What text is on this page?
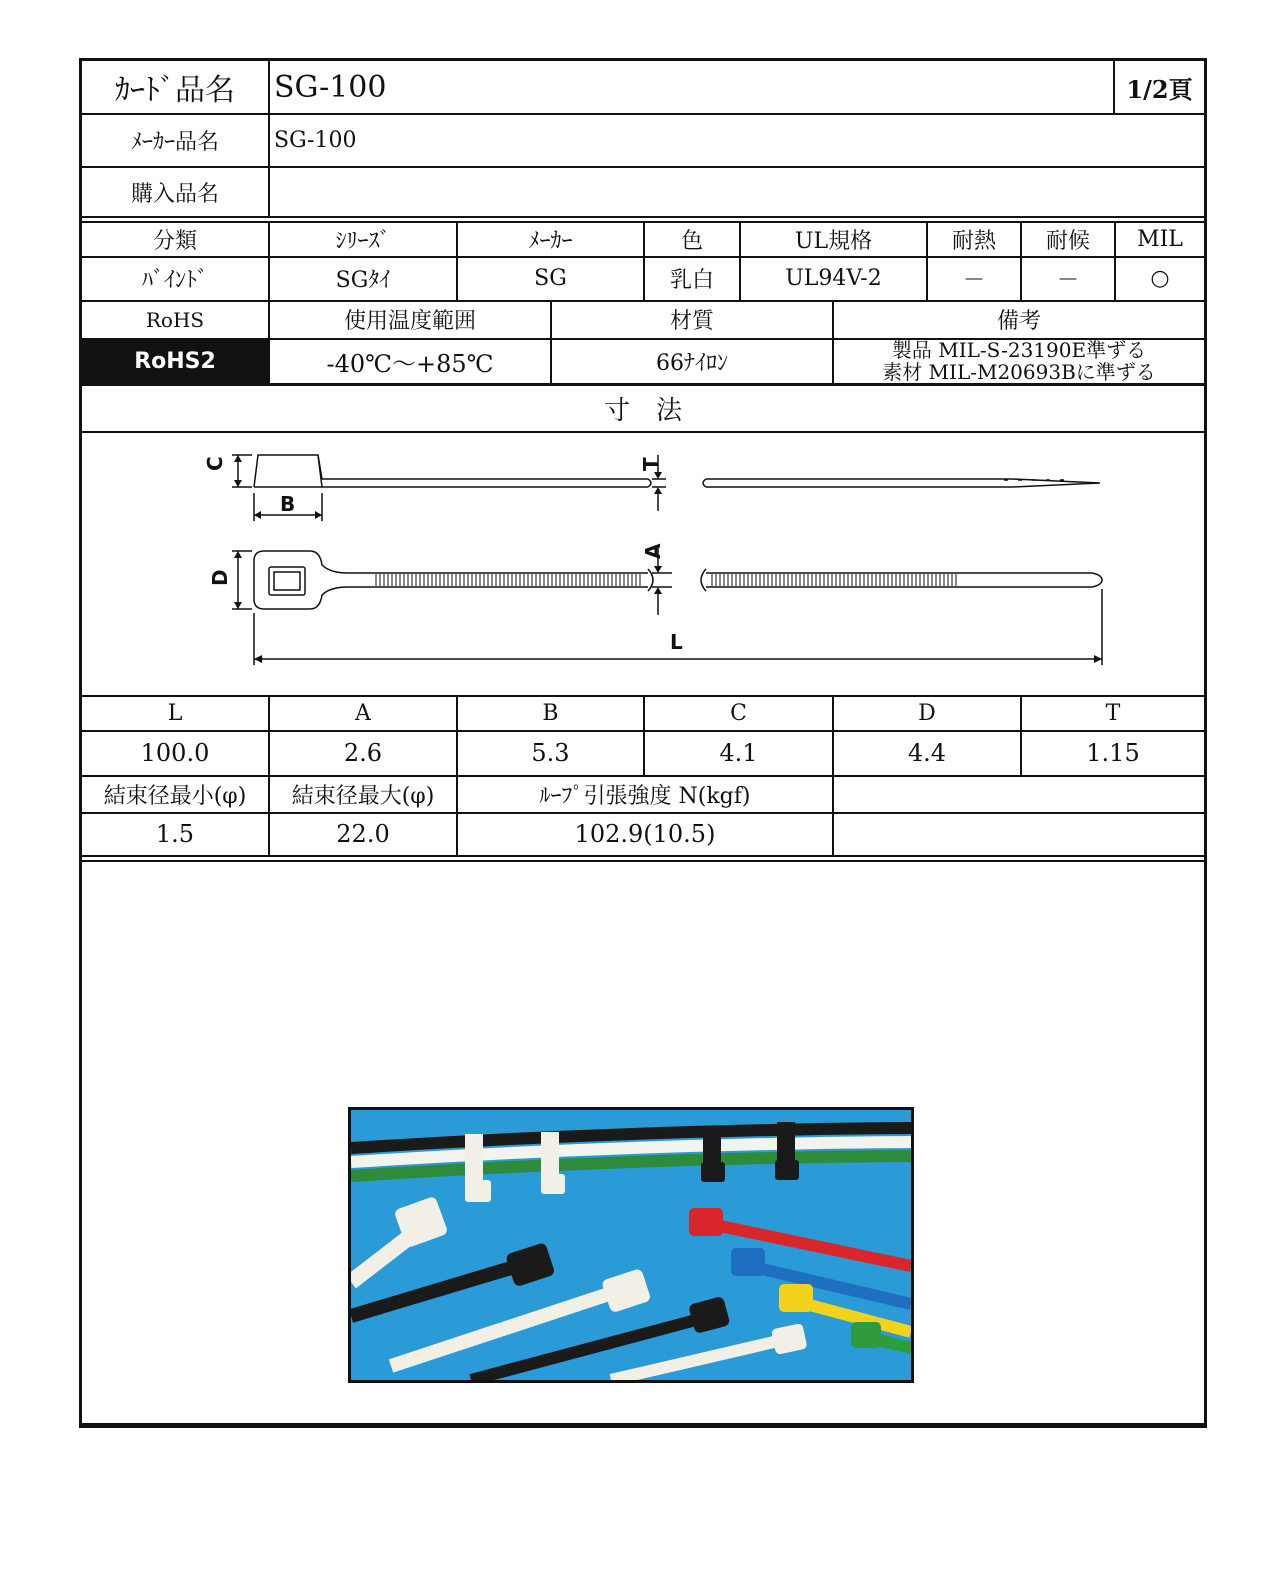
ｶｰﾄﾞ品名	SG-100	1/2頁
ﾒｰｶｰ品名	SG-100
購入品名
分類	ｼﾘｰｽﾞ	ﾒｰｶｰ	色	UL規格	耐熱	耐候	MIL
ﾊﾞｲﾝﾄﾞ	SGﾀｲ	SG	乳白	UL94V-2	－	－	○
RoHS	使用温度範囲	材質	備考
RoHS2	-40℃～+85℃	66ﾅｲﾛﾝ
製品 MIL-S-23190E準ずる
素材 MIL-M20693Bに準ずる
寸　法
C
B
T
A
D
L
L	A	B	C	D	T
100.0	2.6	5.3	4.1	4.4	1.15
結束径最小(φ)	結束径最大(φ)	ﾙｰﾌﾟ引張強度 N(kgf)
1.5	22.0	102.9(10.5)
